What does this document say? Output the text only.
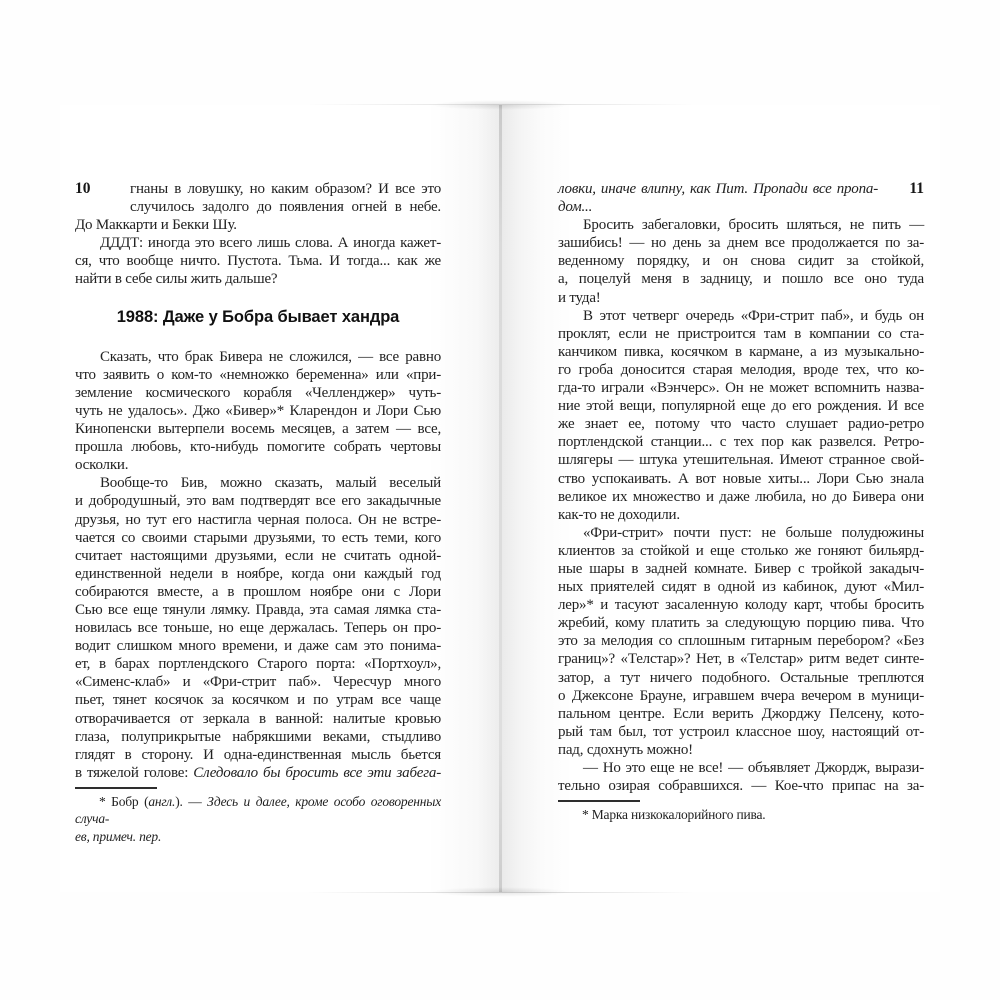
10	гнаны в ловушку, но каким образом? И все это
случилось задолго до появления огней в небе.
До Маккарти и Бекки Шу.
ДДДТ: иногда это всего лишь слова. А иногда кажет-
ся, что вообще ничто. Пустота. Тьма. И тогда... как же
найти в себе силы жить дальше?
1988: Даже у Бобра бывает хандра
Сказать, что брак Бивера не сложился, — все равно
что заявить о ком-то «немножко беременна» или «при-
земление космического корабля «Челленджер» чуть-
чуть не удалось». Джо «Бивер»* Кларендон и Лори Сью
Кинопенски вытерпели восемь месяцев, а затем — все,
прошла любовь, кто-нибудь помогите собрать чертовы
осколки.
Вообще-то Бив, можно сказать, малый веселый
и добродушный, это вам подтвердят все его закадычные
друзья, но тут его настигла черная полоса. Он не встре-
чается со своими старыми друзьями, то есть теми, кого
считает настоящими друзьями, если не считать одной-
единственной недели в ноябре, когда они каждый год
собираются вместе, а в прошлом ноябре они с Лори
Сью все еще тянули лямку. Правда, эта самая лямка ста-
новилась все тоньше, но еще держалась. Теперь он про-
водит слишком много времени, и даже сам это понима-
ет, в барах портлендского Старого порта: «Портхоул»,
«Сименс-клаб» и «Фри-стрит паб». Чересчур много
пьет, тянет косячок за косячком и по утрам все чаще
отворачивается от зеркала в ванной: налитые кровью
глаза, полуприкрытые набрякшими веками, стыдливо
глядят в сторону. И одна-единственная мысль бьется
в тяжелой голове: Следовало бы бросить все эти забега-
* Бобр (англ.). — Здесь и далее, кроме особо оговоренных случа-
ев, примеч. пер.
11
ловки, иначе влипну, как Пит. Пропади все пропа-
дом...
Бросить забегаловки, бросить шляться, не пить —
зашибись! — но день за днем все продолжается по за-
веденному порядку, и он снова сидит за стойкой,
а, поцелуй меня в задницу, и пошло все оно туда
и туда!
В этот четверг очередь «Фри-стрит паб», и будь он
проклят, если не пристроится там в компании со ста-
канчиком пивка, косячком в кармане, а из музыкально-
го гроба доносится старая мелодия, вроде тех, что ко-
гда-то играли «Вэнчерс». Он не может вспомнить назва-
ние этой вещи, популярной еще до его рождения. И все
же знает ее, потому что часто слушает радио-ретро
портлендской станции... с тех пор как развелся. Ретро-
шлягеры — штука утешительная. Имеют странное свой-
ство успокаивать. А вот новые хиты... Лори Сью знала
великое их множество и даже любила, но до Бивера они
как-то не доходили.
«Фри-стрит» почти пуст: не больше полудюжины
клиентов за стойкой и еще столько же гоняют бильярд-
ные шары в задней комнате. Бивер с тройкой закадыч-
ных приятелей сидят в одной из кабинок, дуют «Мил-
лер»* и тасуют засаленную колоду карт, чтобы бросить
жребий, кому платить за следующую порцию пива. Что
это за мелодия со сплошным гитарным перебором? «Без
границ»? «Телстар»? Нет, в «Телстар» ритм ведет синте-
затор, а тут ничего подобного. Остальные треплются
о Джексоне Брауне, игравшем вчера вечером в муници-
пальном центре. Если верить Джорджу Пелсену, кото-
рый там был, тот устроил классное шоу, настоящий от-
пад, сдохнуть можно!
— Но это еще не все! — объявляет Джордж, вырази-
тельно озирая собравшихся. — Кое-что припас на за-
* Марка низкокалорийного пива.
